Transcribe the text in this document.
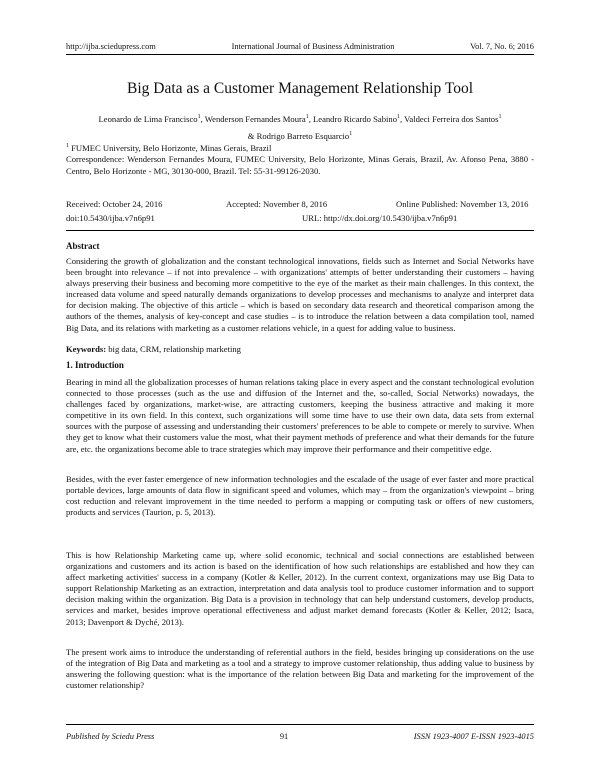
http://ijba.sciedupress.com	International Journal of Business Administration	Vol. 7, No. 6; 2016
Big Data as a Customer Management Relationship Tool
Leonardo de Lima Francisco$^1$, Wenderson Fernandes Moura$^1$, Leandro Ricardo Sabino$^1$, Valdeci Ferreira dos Santos$^1$
& Rodrigo Barreto Esquarcio$^1$
$^1$ FUMEC University, Belo Horizonte, Minas Gerais, Brazil
Correspondence: Wenderson Fernandes Moura, FUMEC University, Belo Horizonte, Minas Gerais, Brazil, Av. Afonso Pena, 3880 - Centro, Belo Horizonte - MG, 30130-000, Brazil. Tel: 55-31-99126-2030.
Received: October 24, 2016	Accepted: November 8, 2016	Online Published: November 13, 2016
doi:10.5430/ijba.v7n6p91	URL: http://dx.doi.org/10.5430/ijba.v7n6p91
Abstract

Considering the growth of globalization and the constant technological innovations, fields such as Internet and Social Networks have been brought into relevance – if not into prevalence – with organizations' attempts of better understanding their customers – having always preserving their business and becoming more competitive to the eye of the market as their main challenges. In this context, the increased data volume and speed naturally demands organizations to develop processes and mechanisms to analyze and interpret data for decision making. The objective of this article – which is based on secondary data research and theoretical comparison among the authors of the themes, analysis of key-concept and case studies – is to introduce the relation between a data compilation tool, named Big Data, and its relations with marketing as a customer relations vehicle, in a quest for adding value to business.

Keywords: big data, CRM, relationship marketing
1. Introduction

Bearing in mind all the globalization processes of human relations taking place in every aspect and the constant technological evolution connected to those processes (such as the use and diffusion of the Internet and the, so-called, Social Networks) nowadays, the challenges faced by organizations, market-wise, are attracting customers, keeping the business attractive and making it more competitive in its own field. In this context, such organizations will some time have to use their own data, data sets from external sources with the purpose of assessing and understanding their customers' preferences to be able to compete or merely to survive. When they get to know what their customers value the most, what their payment methods of preference and what their demands for the future are, etc. the organizations become able to trace strategies which may improve their performance and their competitive edge.

Besides, with the ever faster emergence of new information technologies and the escalade of the usage of ever faster and more practical portable devices, large amounts of data flow in significant speed and volumes, which may – from the organization's viewpoint – bring cost reduction and relevant improvement in the time needed to perform a mapping or computing task or offers of new customers, products and services (Taurion, p. 5, 2013).

This is how Relationship Marketing came up, where solid economic, technical and social connections are established between organizations and customers and its action is based on the identification of how such relationships are established and how they can affect marketing activities' success in a company (Kotler & Keller, 2012). In the current context, organizations may use Big Data to support Relationship Marketing as an extraction, interpretation and data analysis tool to produce customer information and to support decision making within the organization. Big Data is a provision in technology that can help understand customers, develop products, services and market, besides improve operational effectiveness and adjust market demand forecasts (Kotler & Keller, 2012; Isaca, 2013; Davenport & Dyché, 2013).

The present work aims to introduce the understanding of referential authors in the field, besides bringing up considerations on the use of the integration of Big Data and marketing as a tool and a strategy to improve customer relationship, thus adding value to business by answering the following question: what is the importance of the relation between Big Data and marketing for the improvement of the customer relationship?

Published by Sciedu Press	91	ISSN 1923-4007 E-ISSN 1923-4015
